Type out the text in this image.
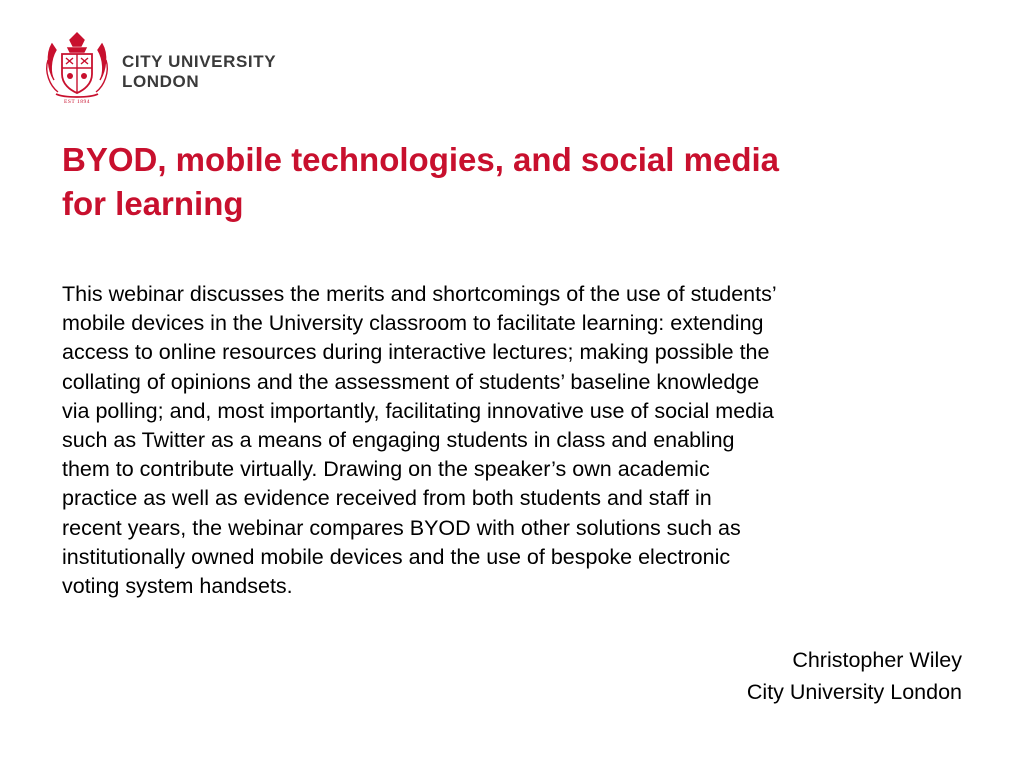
EST 1894
CITY UNIVERSITY
LONDON
BYOD, mobile technologies, and social media
for learning
This webinar discusses the merits and shortcomings of the use of students’
mobile devices in the University classroom to facilitate learning: extending
access to online resources during interactive lectures; making possible the
collating of opinions and the assessment of students’ baseline knowledge
via polling; and, most importantly, facilitating innovative use of social media
such as Twitter as a means of engaging students in class and enabling
them to contribute virtually. Drawing on the speaker’s own academic
practice as well as evidence received from both students and staff in
recent years, the webinar compares BYOD with other solutions such as
institutionally owned mobile devices and the use of bespoke electronic
voting system handsets.
Christopher Wiley
City University London
